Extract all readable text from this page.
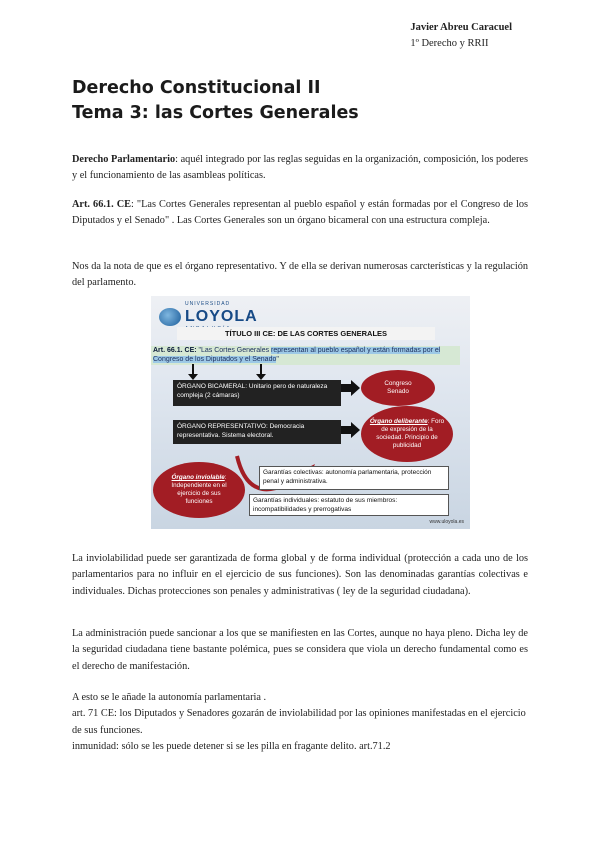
Javier Abreu Caracuel
1º Derecho y RRII
Derecho Constitucional II
Tema 3: las Cortes Generales
Derecho Parlamentario: aquél integrado por las reglas seguidas en la organización, composición, los poderes y el funcionamiento de las asambleas políticas.
Art. 66.1. CE: "Las Cortes Generales representan al pueblo español y están formadas por el Congreso de los Diputados y el Senado" . Las Cortes Generales son un órgano bicameral con una estructura compleja.
Nos da la nota de que es el órgano representativo. Y de ella se derivan numerosas carcterísticas y la regulación del parlamento.
UNIVERSIDAD
LOYOLA
TÍTULO III CE: DE LAS CORTES GENERALES
Art. 66.1. CE: "Las Cortes Generales representan al pueblo español y están formadas por el Congreso de los Diputados y el Senado"
ÓRGANO BICAMERAL: Unitario pero de naturaleza compleja (2 cámaras)
ÓRGANO REPRESENTATIVO: Democracia representativa. Sistema electoral.
Congreso
Senado
Órgano deliberante: Foro de expresión de la sociedad. Principio de publicidad
Órgano inviolable: Independiente en el ejercicio de sus funciones
Garantías colectivas: autonomía parlamentaria, protección penal y administrativa.
Garantías individuales: estatuto de sus miembros: incompatibilidades y prerrogativas
www.uloyola.es
La inviolabilidad puede ser garantizada de forma global y de forma individual (protección a cada uno de los parlamentarios para no influir en el ejercicio de sus funciones). Son las denominadas garantías colectivas e individuales. Dichas protecciones son penales y administrativas ( ley de la seguridad ciudadana).
La administración puede sancionar a los que se manifiesten en las Cortes, aunque no haya pleno. Dicha ley de la seguridad ciudadana tiene bastante polémica, pues se considera que viola un derecho fundamental como es el derecho de manifestación.
A esto se le añade la autonomía parlamentaria .
art. 71 CE: los Diputados y Senadores gozarán de inviolabilidad por las opiniones manifestadas en el ejercicio de sus funciones.
inmunidad: sólo se les puede detener si se les pilla en fragante delito. art.71.2
